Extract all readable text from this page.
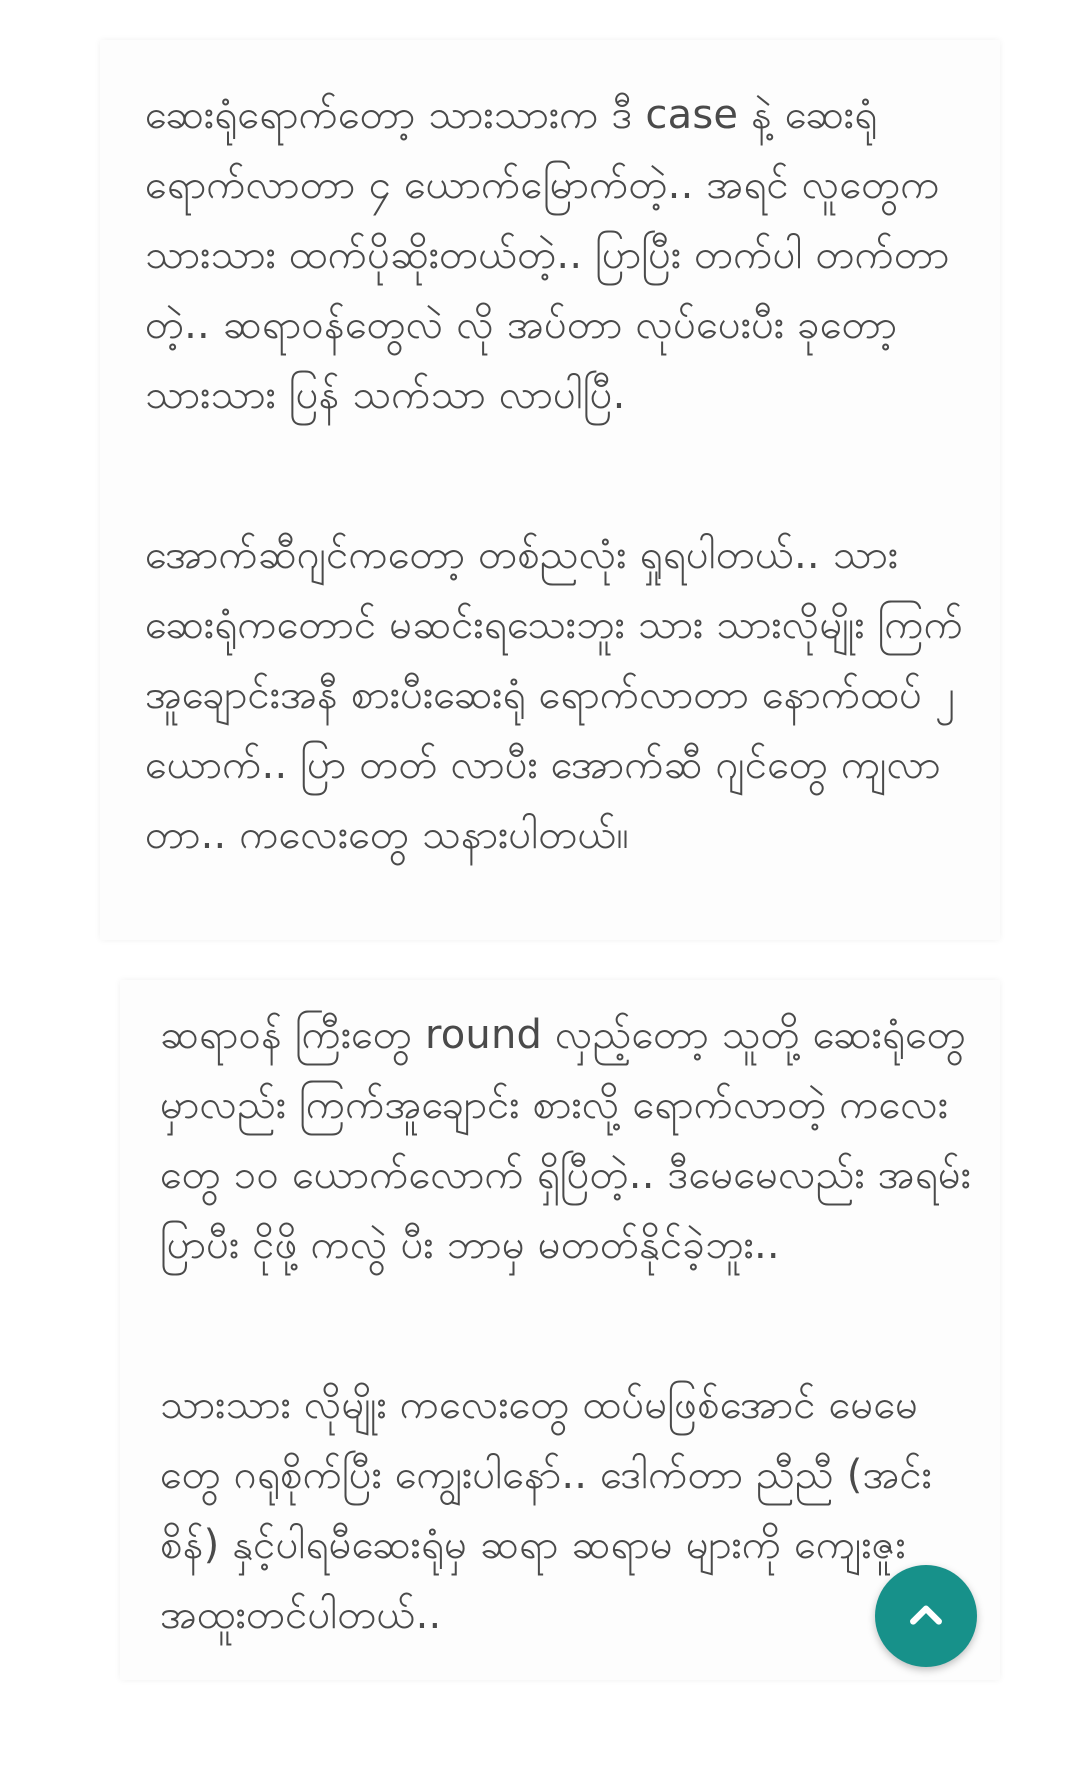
ဆေးရုံရောက်တော့ သားသားက ဒီ case နဲ့ ဆေးရုံ ရောက်လာတာ ၄ ယောက်မြောက်တဲ့.. အရင် လူတွေက သားသား ထက်ပိုဆိုးတယ်တဲ့.. ပြာပြီး တက်ပါ တက်တာတဲ့.. ဆရာဝန်တွေလဲ လို အပ်တာ လုပ်ပေးပီး ခုတော့ သားသား ပြန် သက်သာ လာပါပြီ.
အောက်ဆီဂျင်ကတော့ တစ်ညလုံး ရှုရပါတယ်.. သား ဆေးရုံကတောင် မဆင်းရသေးဘူး သား သားလိုမျိုး ကြက်အူချောင်းအနီ စားပီးဆေးရုံ ရောက်လာတာ နောက်ထပ် ၂ ယောက်.. ပြာ တတ် လာပီး အောက်ဆီ ဂျင်တွေ ကျလာတာ.. ကလေးတွေ သနားပါတယ်။
ဆရာဝန် ကြီးတွေ round လှည့်တော့ သူတို့ ဆေးရုံတွေမှာလည်း ကြက်အူချောင်း စားလို့ ရောက်လာတဲ့ ကလေးတွေ ၁၀ ယောက်လောက် ရှိပြီတဲ့.. ဒီမေမေလည်း အရမ်းပြာပီး ငိုဖို့ ကလွဲ ပီး ဘာမှ မတတ်နိုင်ခဲ့ဘူး..
သားသား လိုမျိုး ကလေးတွေ ထပ်မဖြစ်အောင် မေမေတွေ ဂရုစိုက်ပြီး ကျွေးပါနော်.. ဒေါက်တာ ညီညီ (အင်းစိန်) နှင့်ပါရမီဆေးရုံမှ ဆရာ ဆရာမ များကို ကျေးဇူးအထူးတင်ပါတယ်..
